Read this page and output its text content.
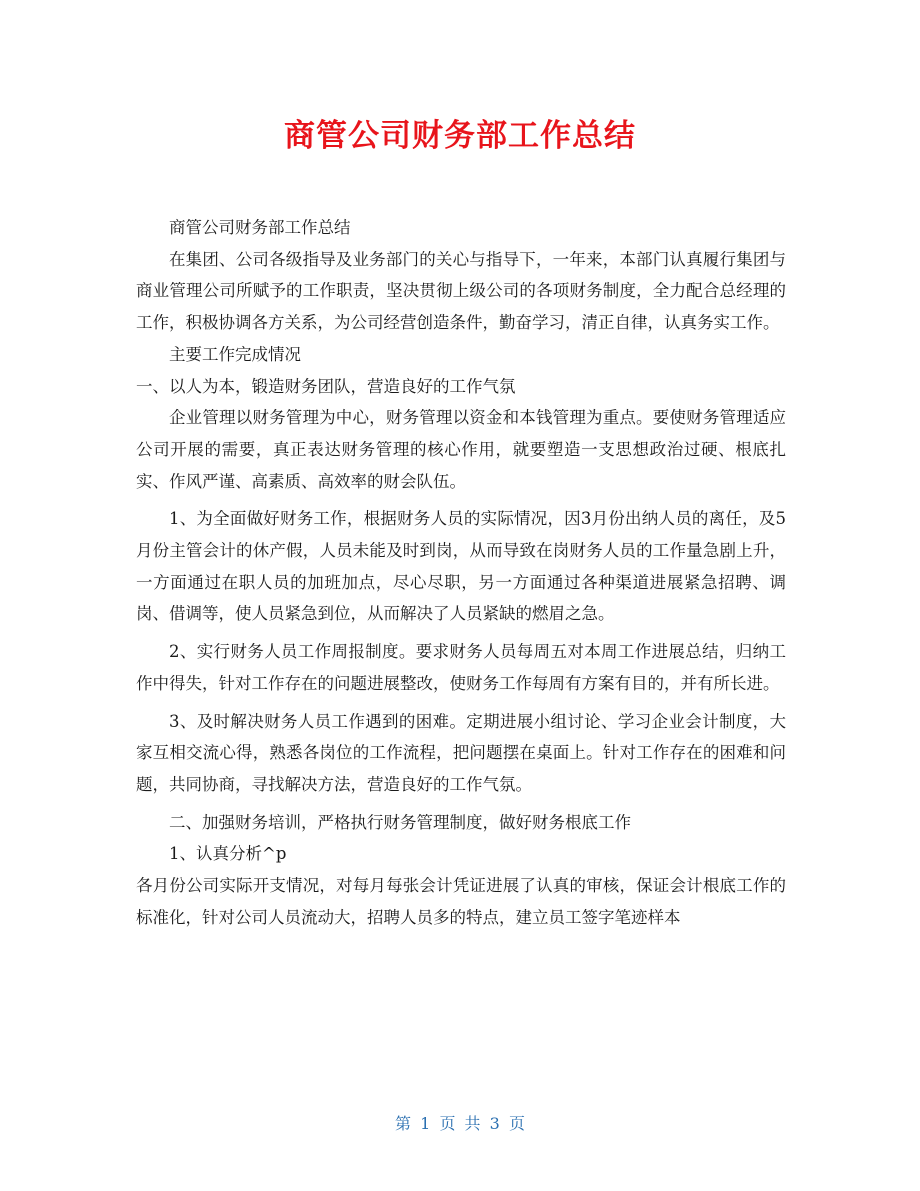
商管公司财务部工作总结

商管公司财务部工作总结

在集团、公司各级指导及业务部门的关心与指导下，一年来，本部门认真履行集团与商业管理公司所赋予的工作职责，坚决贯彻上级公司的各项财务制度，全力配合总经理的工作，积极协调各方关系，为公司经营创造条件，勤奋学习，清正自律，认真务实工作。

主要工作完成情况

一、以人为本，锻造财务团队，营造良好的工作气氛

企业管理以财务管理为中心，财务管理以资金和本钱管理为重点。要使财务管理适应公司开展的需要，真正表达财务管理的核心作用，就要塑造一支思想政治过硬、根底扎实、作风严谨、高素质、高效率的财会队伍。

1、为全面做好财务工作，根据财务人员的实际情况，因3月份出纳人员的离任，及5月份主管会计的休产假，人员未能及时到岗，从而导致在岗财务人员的工作量急剧上升，一方面通过在职人员的加班加点，尽心尽职，另一方面通过各种渠道进展紧急招聘、调岗、借调等，使人员紧急到位，从而解决了人员紧缺的燃眉之急。

2、实行财务人员工作周报制度。要求财务人员每周五对本周工作进展总结，归纳工作中得失，针对工作存在的问题进展整改，使财务工作每周有方案有目的，并有所长进。

3、及时解决财务人员工作遇到的困难。定期进展小组讨论、学习企业会计制度，大家互相交流心得，熟悉各岗位的工作流程，把问题摆在桌面上。针对工作存在的困难和问题，共同协商，寻找解决方法，营造良好的工作气氛。

二、加强财务培训，严格执行财务管理制度，做好财务根底工作

1、认真分析^p

各月份公司实际开支情况，对每月每张会计凭证进展了认真的审核，保证会计根底工作的标准化，针对公司人员流动大，招聘人员多的特点，建立员工签字笔迹样本

第 1 页 共 3 页
